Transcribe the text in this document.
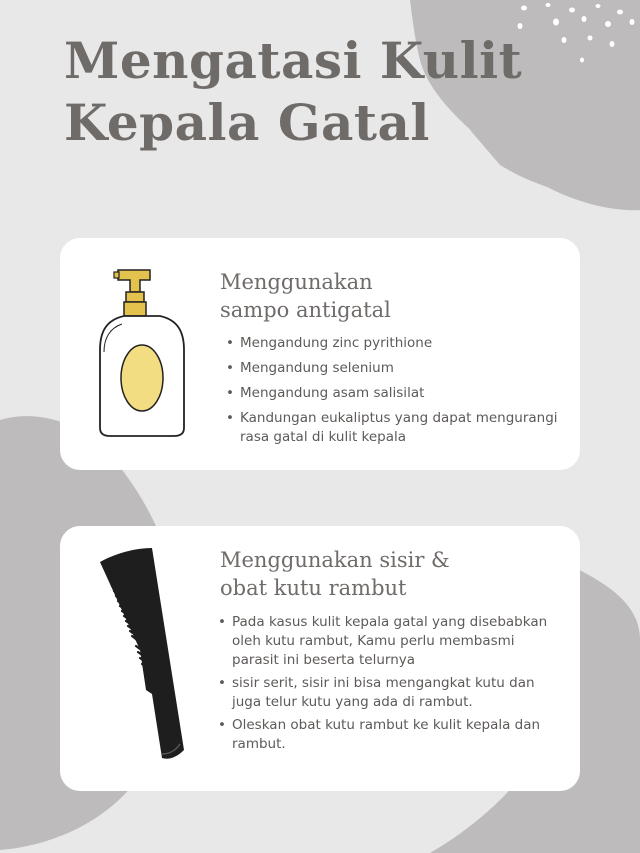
Mengatasi Kulit
Kepala Gatal
Menggunakan
sampo antigatal
• Mengandung zinc pyrithione
• Mengandung selenium
• Mengandung asam salisilat
• Kandungan eukaliptus yang dapat mengurangi rasa gatal di kulit kepala
Menggunakan sisir &
obat kutu rambut
• Pada kasus kulit kepala gatal yang disebabkan oleh kutu rambut, Kamu perlu membasmi parasit ini beserta telurnya
• sisir serit, sisir ini bisa mengangkat kutu dan juga telur kutu yang ada di rambut.
• Oleskan obat kutu rambut ke kulit kepala dan rambut.
